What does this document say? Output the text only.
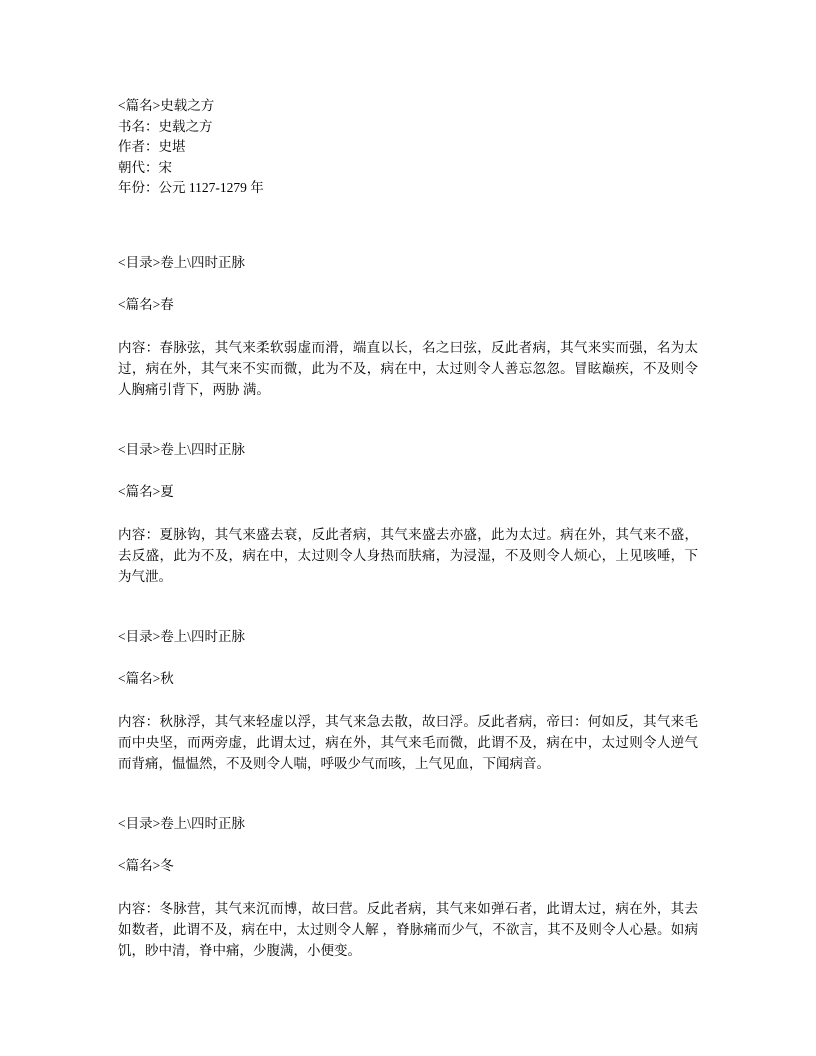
<篇名>史载之方
书名：史载之方
作者：史堪
朝代：宋
年份：公元 1127-1279 年
<目录>卷上\四时正脉
<篇名>春
内容：春脉弦，其气来柔软弱虚而滑，端直以长，名之曰弦，反此者病，其气来实而强，名为太过，病在外，其气来不实而微，此为不及，病在中，太过则令人善忘忽忽。冒眩巅疾，不及则令人胸痛引背下，两胁 满。
<目录>卷上\四时正脉
<篇名>夏
内容：夏脉钩，其气来盛去衰，反此者病，其气来盛去亦盛，此为太过。病在外，其气来不盛，去反盛，此为不及，病在中，太过则令人身热而肤痛，为浸湿，不及则令人烦心，上见咳唾，下为气泄。
<目录>卷上\四时正脉
<篇名>秋
内容：秋脉浮，其气来轻虚以浮，其气来急去散，故曰浮。反此者病，帝曰：何如反，其气来毛而中央坚，而两旁虚，此谓太过，病在外，其气来毛而微，此谓不及，病在中，太过则令人逆气而背痛，愠愠然，不及则令人喘，呼吸少气而咳，上气见血，下闻病音。
<目录>卷上\四时正脉
<篇名>冬
内容：冬脉营，其气来沉而博，故曰营。反此者病，其气来如弹石者，此谓太过，病在外，其去如数者，此谓不及，病在中，太过则令人解 ，脊脉痛而少气，不欲言，其不及则令人心悬。如病饥，眇中清，脊中痛，少腹满，小便变。
